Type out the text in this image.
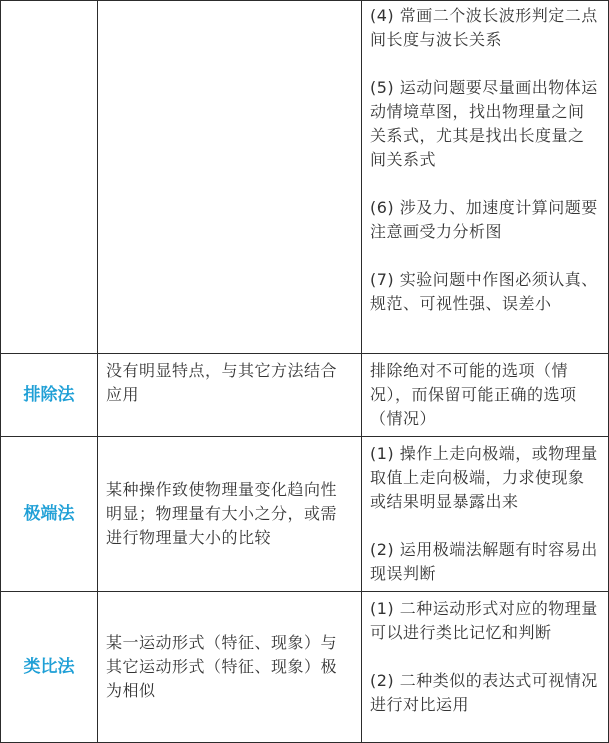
		(4) 常画二个波长波形判定二点间长度与波长关系

(5) 运动问题要尽量画出物体运动情境草图，找出物理量之间关系式，尤其是找出长度量之间关系式

(6) 涉及力、加速度计算问题要注意画受力分析图

(7) 实验问题中作图必须认真、规范、可视性强、误差小

排除法	没有明显特点，与其它方法结合应用	排除绝对不可能的选项（情况），而保留可能正确的选项（情况）

极端法	某种操作致使物理量变化趋向性明显；物理量有大小之分，或需进行物理量大小的比较	(1) 操作上走向极端，或物理量取值上走向极端，力求使现象或结果明显暴露出来

(2) 运用极端法解题有时容易出现误判断

类比法	某一运动形式（特征、现象）与其它运动形式（特征、现象）极为相似	(1) 二种运动形式对应的物理量可以进行类比记忆和判断

(2) 二种类似的表达式可视情况进行对比运用
